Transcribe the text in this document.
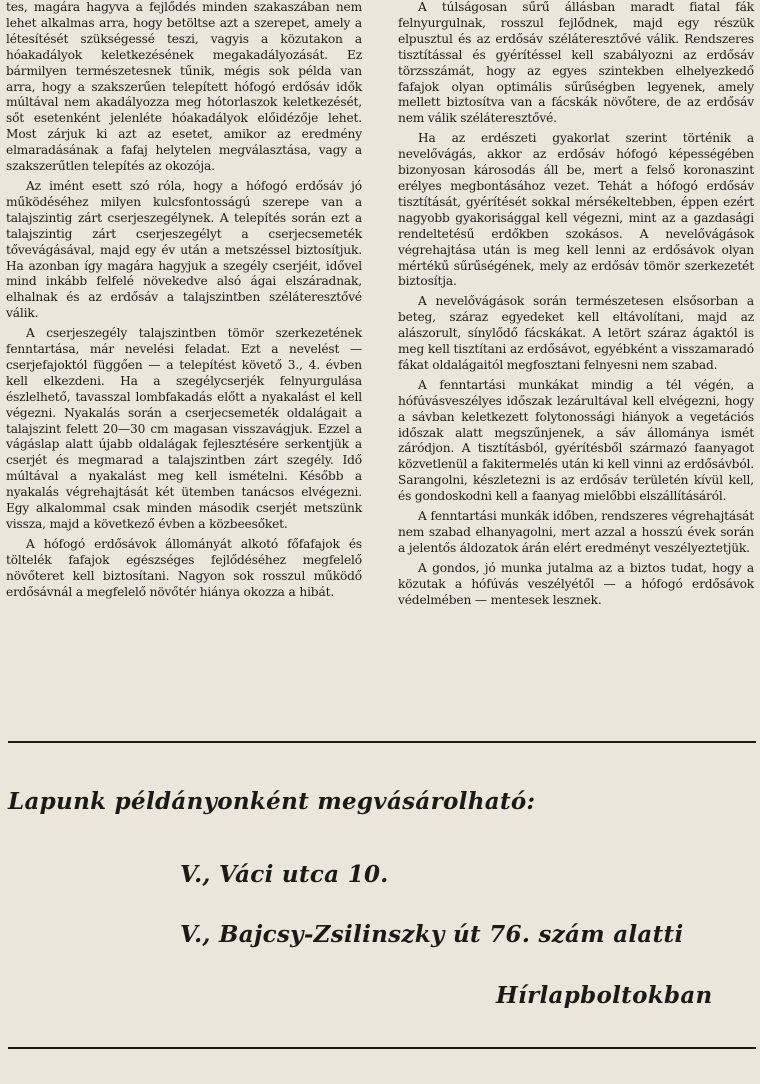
tes, magára hagyva a fejlődés minden szakaszában nem lehet alkalmas arra, hogy betöltse azt a szerepet, amely a létesítését szükségessé teszi, vagyis a közutakon a hóakadályok keletkezésének megakadályozását. Ez bármilyen természetesnek tűnik, mégis sok példa van arra, hogy a szakszerűen telepített hófogó erdősáv idők múltával nem akadályozza meg hótorlaszok keletkezését, sőt esetenként jelenléte hóakadályok előidézője lehet. Most zárjuk ki azt az esetet, amikor az eredmény elmaradásának a fafaj helytelen megválasztása, vagy a szakszerűtlen telepítés az okozója.

Az imént esett szó róla, hogy a hófogó erdősáv jó működéséhez milyen kulcsfontosságú szerepe van a talajszintig zárt cserjeszegélynek. A telepítés során ezt a talajszintig zárt cserjeszegélyt a cserjecsemeték tővevágásával, majd egy év után a metszéssel biztosítjuk. Ha azonban így magára hagyjuk a szegély cserjéit, idővel mind inkább felfelé növekedve alsó ágai elszáradnak, elhalnak és az erdősáv a talajszintben széláteresztővé válik.

A cserjeszegély talajszintben tömör szerkezetének fenntartása, már nevelési feladat. Ezt a nevelést — cserjefajoktól függően — a telepítést követő 3., 4. évben kell elkezdeni. Ha a szegélycserjék felnyurgulása észlelhető, tavasszal lombfakadás előtt a nyakalást el kell végezni. Nyakalás során a cserjecsemeték oldalágait a talajszint felett 20—30 cm magasan visszavágjuk. Ezzel a vágáslap alatt újabb oldalágak fejlesztésére serkentjük a cserjét és megmarad a talajszintben zárt szegély. Idő múltával a nyakalást meg kell ismételni. Később a nyakalás végrehajtását két ütemben tanácsos elvégezni. Egy alkalommal csak minden második cserjét metszünk vissza, majd a következő évben a közbeesőket.

A hófogó erdősávok állományát alkotó főfafajok és töltelék fafajok egészséges fejlődéséhez megfelelő növőteret kell biztosítani. Nagyon sok rosszul működő erdősávnál a megfelelő növőtér hiánya okozza a hibát.

A túlságosan sűrű állásban maradt fiatal fák felnyurgulnak, rosszul fejlődnek, majd egy részük elpusztul és az erdősáv széláteresztővé válik. Rendszeres tisztítással és gyérítéssel kell szabályozni az erdősáv törzsszámát, hogy az egyes szintekben elhelyezkedő fafajok olyan optimális sűrűségben legyenek, amely mellett biztosítva van a fácskák növőtere, de az erdősáv nem válik széláteresztővé.

Ha az erdészeti gyakorlat szerint történik a nevelővágás, akkor az erdősáv hófogó képességében bizonyosan károsodás áll be, mert a felső koronaszint erélyes megbontásához vezet. Tehát a hófogó erdősáv tisztítását, gyérítését sokkal mérsékeltebben, éppen ezért nagyobb gyakorisággal kell végezni, mint az a gazdasági rendeltetésű erdőkben szokásos. A nevelővágások végrehajtása után is meg kell lenni az erdősávok olyan mértékű sűrűségének, mely az erdősáv tömör szerkezetét biztosítja.

A nevelővágások során természetesen elsősorban a beteg, száraz egyedeket kell eltávolítani, majd az alászorult, sínylődő fácskákat. A letört száraz ágaktól is meg kell tisztítani az erdősávot, egyébként a visszamaradó fákat oldalágaitól megfosztani felnyesni nem szabad.

A fenntartási munkákat mindig a tél végén, a hófúvásveszélyes időszak lezárultával kell elvégezni, hogy a sávban keletkezett folytonossági hiányok a vegetációs időszak alatt megszűnjenek, a sáv állománya ismét záródjon. A tisztításból, gyérítésből származó faanyagot közvetlenül a fakitermelés után ki kell vinni az erdősávból. Sarangolni, készletezni is az erdősáv területén kívül kell, és gondoskodni kell a faanyag mielőbbi elszállításáról.

A fenntartási munkák időben, rendszeres végrehajtását nem szabad elhanyagolni, mert azzal a hosszú évek során a jelentős áldozatok árán elért eredményt veszélyeztetjük.

A gondos, jó munka jutalma az a biztos tudat, hogy a közutak a hófúvás veszélyétől — a hófogó erdősávok védelmében — mentesek lesznek.

Lapunk példányonként megvásárolható:
V., Váci utca 10.
V., Bajcsy-Zsilinszky út 76. szám alatti
Hírlapboltokban
